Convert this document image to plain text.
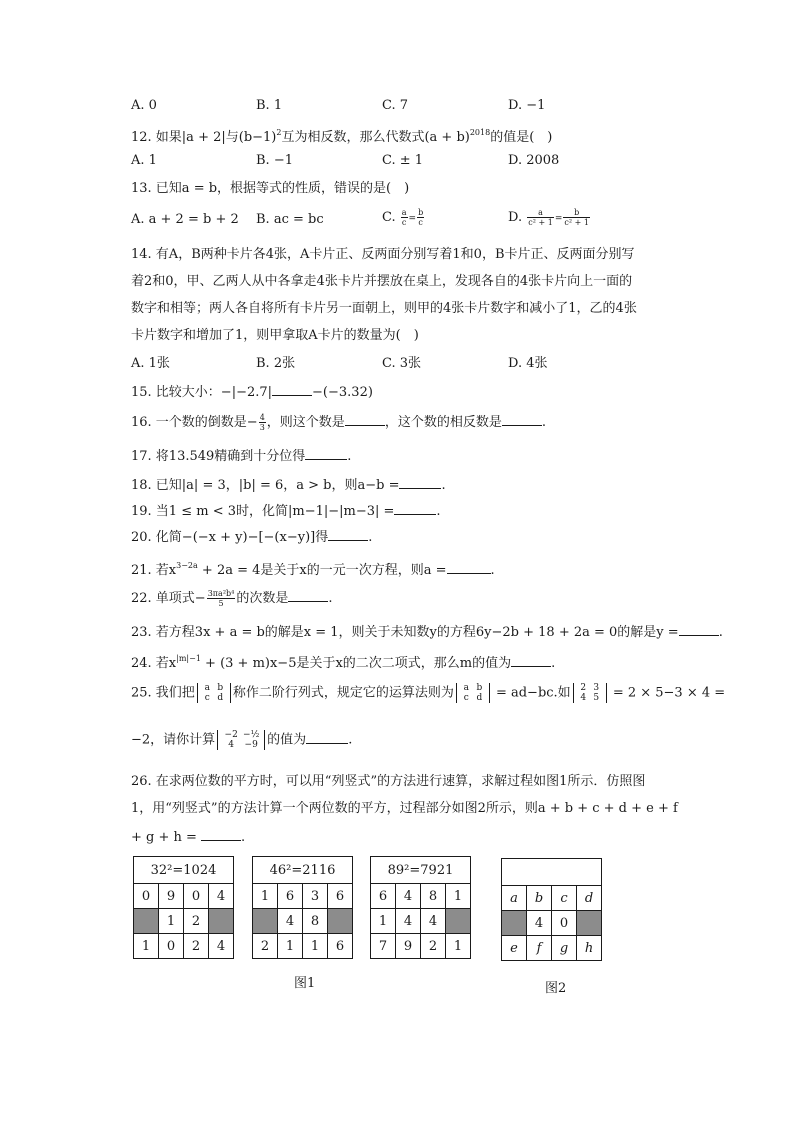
A. 0	B. 1	C. 7	D. −1
12. 如果|a + 2|与$(b-1)^2$互为相反数，那么代数式$(a + b)^{2018}$的值是(　)
A. 1	B. −1	C. ± 1	D. 2008
13. 已知a = b，根据等式的性质，错误的是(　)
A. a + 2 = b + 2 B. ac = bc	C. $\frac{a}{c} = \frac{b}{c}$	D. $\frac{a}{\text{c² + 1}} = \frac{b}{\text{c² + 1}}$
14. 有A，B两种卡片各4张，A卡片正、反两面分别写着1和0，B卡片正、反两面分别写
着2和0，甲、乙两人从中各拿走4张卡片并摆放在桌上，发现各自的4张卡片向上一面的
数字和相等；两人各自将所有卡片另一面朝上，则甲的4张卡片数字和减小了1，乙的4张
卡片数字和增加了1，则甲拿取A卡片的数量为(　)
A. 1张	B. 2张	C. 3张	D. 4张
15. 比较大小：−|−2.7|	−(−3.32)
16. 一个数的倒数是− $\frac{4}{3}$ ，则这个数是	，这个数的相反数是	.
17. 将13.549精确到十分位得	.
18. 已知|a| = 3，|b| = 6，a > b，则a−b =	.
19. 当1 ≤ m < 3时，化简|m−1|−|m−3| =	.
20. 化简−(−x + y)−[−(x−y)]得	.
21. 若$x^{3-2a} + 2a = 4$是关于x的一元一次方程，则a =	.
22. 单项式− $\frac{\text{3πa²b⁴}}{5}$ 的次数是	.
23. 若方程3x + a = b的解是x = 1，则关于未知数y的方程6y−2b + 18 + 2a = 0的解是y =	.
24. 若$x^{|m|-1} + (3 + m)x-5$是关于x的二次二项式，那么m的值为	.
25. 我们把 a b
c d 称作二阶行列式，规定它的运算法则为 a b
c d = ad−bc.如 2 3
4 5 = 2 × 5−3 × 4 =
−2，请你计算 −2 −½
4 −9 的值为	.
26. 在求两位数的平方时，可以用“列竖式”的方法进行速算，求解过程如图1所示．仿照图
1，用“列竖式”的方法计算一个两位数的平方，过程部分如图2所示，则a + b + c + d + e + f
+ g + h =	.
32²=1024			
0	9	0	4
	1	2	
1	0	2	4
46²=2116			
1	6	3	6
	4	8	
2	1	1	6
89²=7921			
6	4	8	1
1	4	4	
7	9	2	1

a	b	c	d
	4	0	
e	f	g	h
图1	图2
